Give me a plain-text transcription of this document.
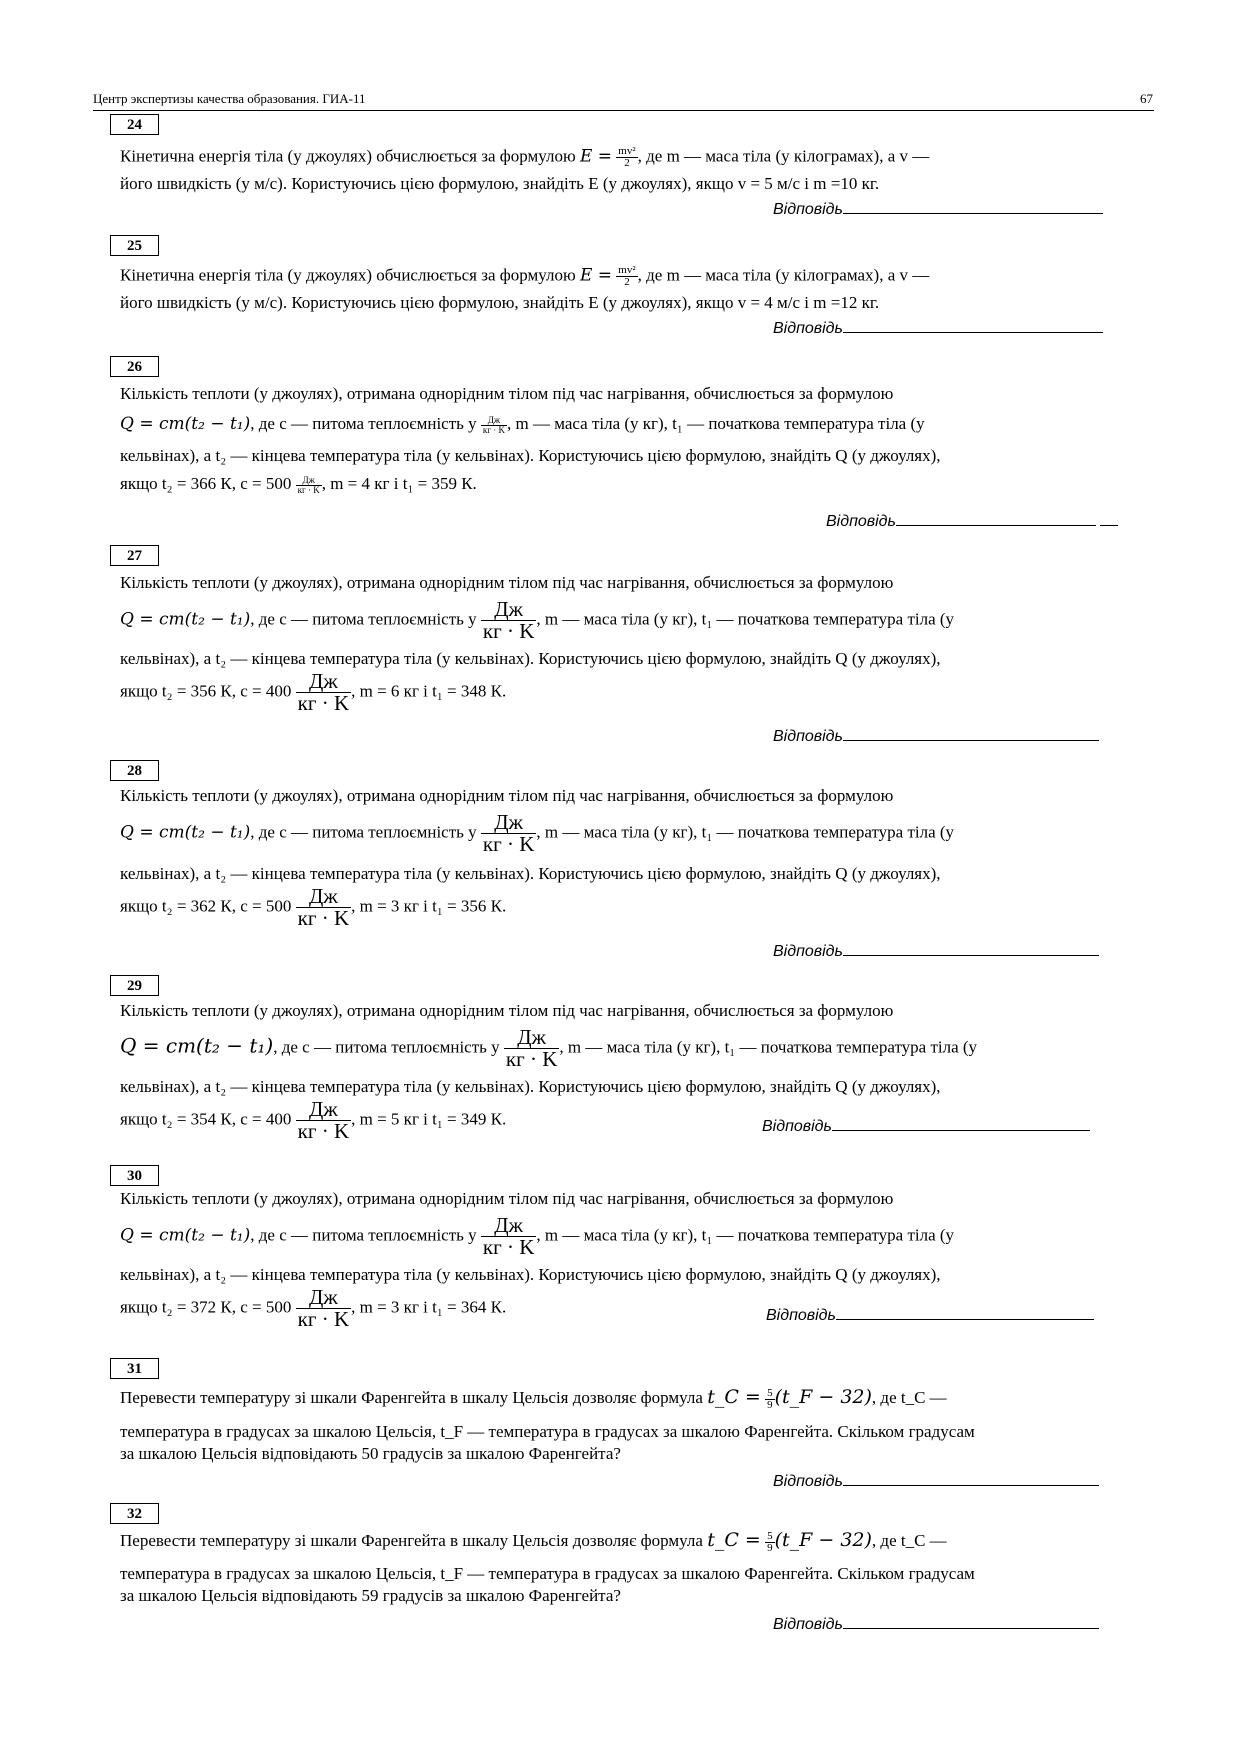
Центр экспертизы качества образования. ГИА-11	67
24
Кінетична енергія тіла (у джоулях) обчислюється за формулою $E = \frac{\text{mv²}}{2}$ , де m — маса тіла (у кілограмах), а v —
його швидкість (у м/с). Користуючись цією формулою, знайдіть E (у джоулях), якщо v = 5 м/с і m =10 кг.
Відповідь
25
Кінетична енергія тіла (у джоулях) обчислюється за формулою $E = \frac{\text{mv²}}{2}$ , де m — маса тіла (у кілограмах), а v —
його швидкість (у м/с). Користуючись цією формулою, знайдіть E (у джоулях), якщо v = 4 м/с і m =12 кг.
Відповідь
26
Кількість теплоти (у джоулях), отримана однорідним тілом під час нагрівання, обчислюється за формулою
Q = cm(t₂ − t₁), де c — питома теплоємність у $\frac{Дж}{кг \cdot K}$ , m — маса тіла (у кг), t₁ — початкова температура тіла (у
кельвінах), а t₂ — кінцева температура тіла (у кельвінах). Користуючись цією формулою, знайдіть Q (у джоулях),
якщо t₂ = 366 К, $c = 500 \frac{Дж}{кг \cdot K}$ , m = 4 кг і t₁ = 359 К.
Відповідь
27
Кількість теплоти (у джоулях), отримана однорідним тілом під час нагрівання, обчислюється за формулою
Q = cm(t₂ − t₁), де c — питома теплоємність у $\frac{Дж}{кг \cdot K}$ , m — маса тіла (у кг), t₁ — початкова температура тіла (у
кельвінах), а t₂ — кінцева температура тіла (у кельвінах). Користуючись цією формулою, знайдіть Q (у джоулях),
якщо t₂ = 356 К, $c = 400 \frac{Дж}{кг \cdot K}$ , m = 6 кг і t₁ = 348 К.
Відповідь
28
Кількість теплоти (у джоулях), отримана однорідним тілом під час нагрівання, обчислюється за формулою
Q = cm(t₂ − t₁), де c — питома теплоємність у $\frac{Дж}{кг \cdot K}$ , m — маса тіла (у кг), t₁ — початкова температура тіла (у
кельвінах), а t₂ — кінцева температура тіла (у кельвінах). Користуючись цією формулою, знайдіть Q (у джоулях),
якщо t₂ = 362 К, $c = 500 \frac{Дж}{кг \cdot K}$ , m = 3 кг і t₁ = 356 К.
Відповідь
29
Кількість теплоти (у джоулях), отримана однорідним тілом під час нагрівання, обчислюється за формулою
Q = cm(t₂ − t₁), де c — питома теплоємність у $\frac{Дж}{кг \cdot K}$ , m — маса тіла (у кг), t₁ — початкова температура тіла (у
кельвінах), а t₂ — кінцева температура тіла (у кельвінах). Користуючись цією формулою, знайдіть Q (у джоулях),
якщо t₂ = 354 К, $c = 400 \frac{Дж}{кг \cdot K}$ , m = 5 кг і t₁ = 349 К.	Відповідь
30
Кількість теплоти (у джоулях), отримана однорідним тілом під час нагрівання, обчислюється за формулою
Q = cm(t₂ − t₁), де c — питома теплоємність у $\frac{Дж}{кг \cdot K}$ , m — маса тіла (у кг), t₁ — початкова температура тіла (у
кельвінах), а t₂ — кінцева температура тіла (у кельвінах). Користуючись цією формулою, знайдіть Q (у джоулях),
якщо t₂ = 372 К, $c = 500 \frac{Дж}{кг \cdot K}$ , m = 3 кг і t₁ = 364 К.	Відповідь
31
Перевести температуру зі шкали Фаренгейта в шкалу Цельсія дозволяє формула t_C = $\frac{5}{9}$ (t_F − 32), де t_C —
температура в градусах за шкалою Цельсія, t_F — температура в градусах за шкалою Фаренгейта. Скільком градусам
за шкалою Цельсія відповідають 50 градусів за шкалою Фаренгейта?
Відповідь
32
Перевести температуру зі шкали Фаренгейта в шкалу Цельсія дозволяє формула t_C = $\frac{5}{9}$ (t_F − 32), де t_C —
температура в градусах за шкалою Цельсія, t_F — температура в градусах за шкалою Фаренгейта. Скільком градусам
за шкалою Цельсія відповідають 59 градусів за шкалою Фаренгейта?
Відповідь
